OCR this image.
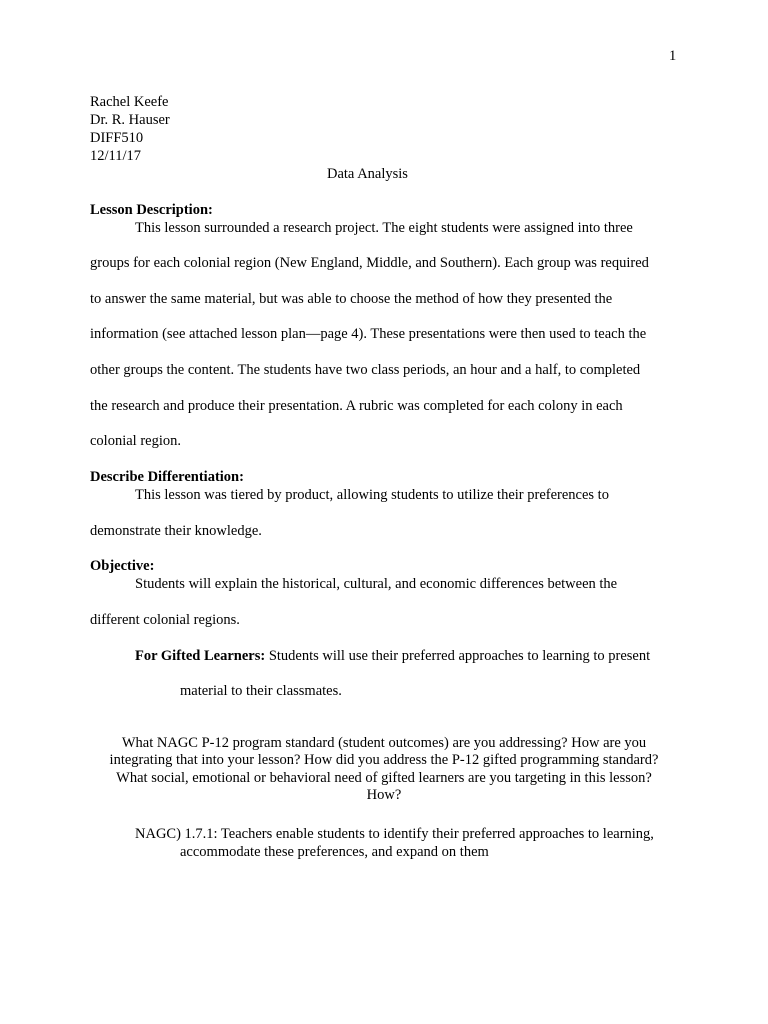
1
Rachel Keefe
Dr. R. Hauser
DIFF510
12/11/17
Data Analysis
Lesson Description:
This lesson surrounded a research project. The eight students were assigned into three
groups for each colonial region (New England, Middle, and Southern). Each group was required
to answer the same material, but was able to choose the method of how they presented the
information (see attached lesson plan—page 4). These presentations were then used to teach the
other groups the content. The students have two class periods, an hour and a half, to completed
the research and produce their presentation. A rubric was completed for each colony in each
colonial region.
Describe Differentiation:
This lesson was tiered by product, allowing students to utilize their preferences to
demonstrate their knowledge.
Objective:
Students will explain the historical, cultural, and economic differences between the
different colonial regions.
For Gifted Learners: Students will use their preferred approaches to learning to present
material to their classmates.
What NAGC P-12 program standard (student outcomes) are you addressing? How are you
integrating that into your lesson? How did you address the P-12 gifted programming standard?
What social, emotional or behavioral need of gifted learners are you targeting in this lesson?
How?
NAGC) 1.7.1: Teachers enable students to identify their preferred approaches to learning,
accommodate these preferences, and expand on them
